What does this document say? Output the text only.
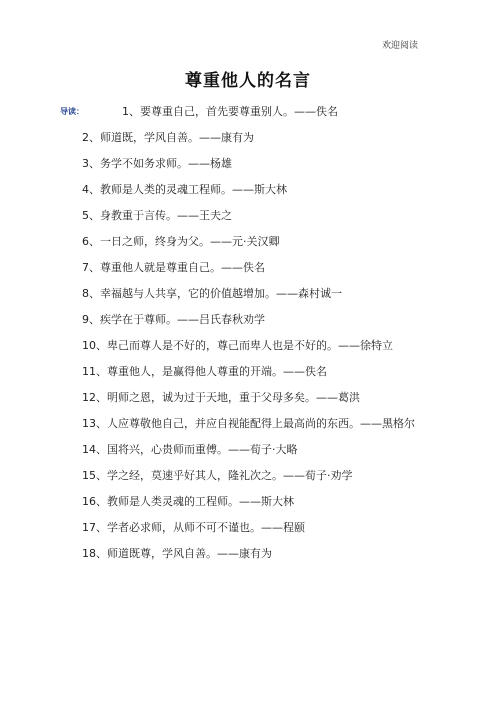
欢迎阅读
尊重他人的名言

导读：	1、要尊重自己，首先要尊重别人。——佚名

2、师道既，学风自善。——康有为

3、务学不如务求师。——杨雄

4、教师是人类的灵魂工程师。——斯大林

5、身教重于言传。——王夫之

6、一日之师，终身为父。——元·关汉卿

7、尊重他人就是尊重自己。——佚名

8、幸福越与人共享，它的价值越增加。——森村诚一

9、疾学在于尊师。——吕氏春秋劝学

10、卑己而尊人是不好的，尊己而卑人也是不好的。——徐特立

11、尊重他人，是赢得他人尊重的开端。——佚名

12、明师之恩，诚为过于天地，重于父母多矣。——葛洪

13、人应尊敬他自己，并应自视能配得上最高尚的东西。——黑格尔

14、国将兴，心贵师而重傅。——荀子·大略

15、学之经，莫速乎好其人，隆礼次之。——荀子·劝学

16、教师是人类灵魂的工程师。——斯大林

17、学者必求师，从师不可不谨也。——程颐

18、师道既尊，学风自善。——康有为
